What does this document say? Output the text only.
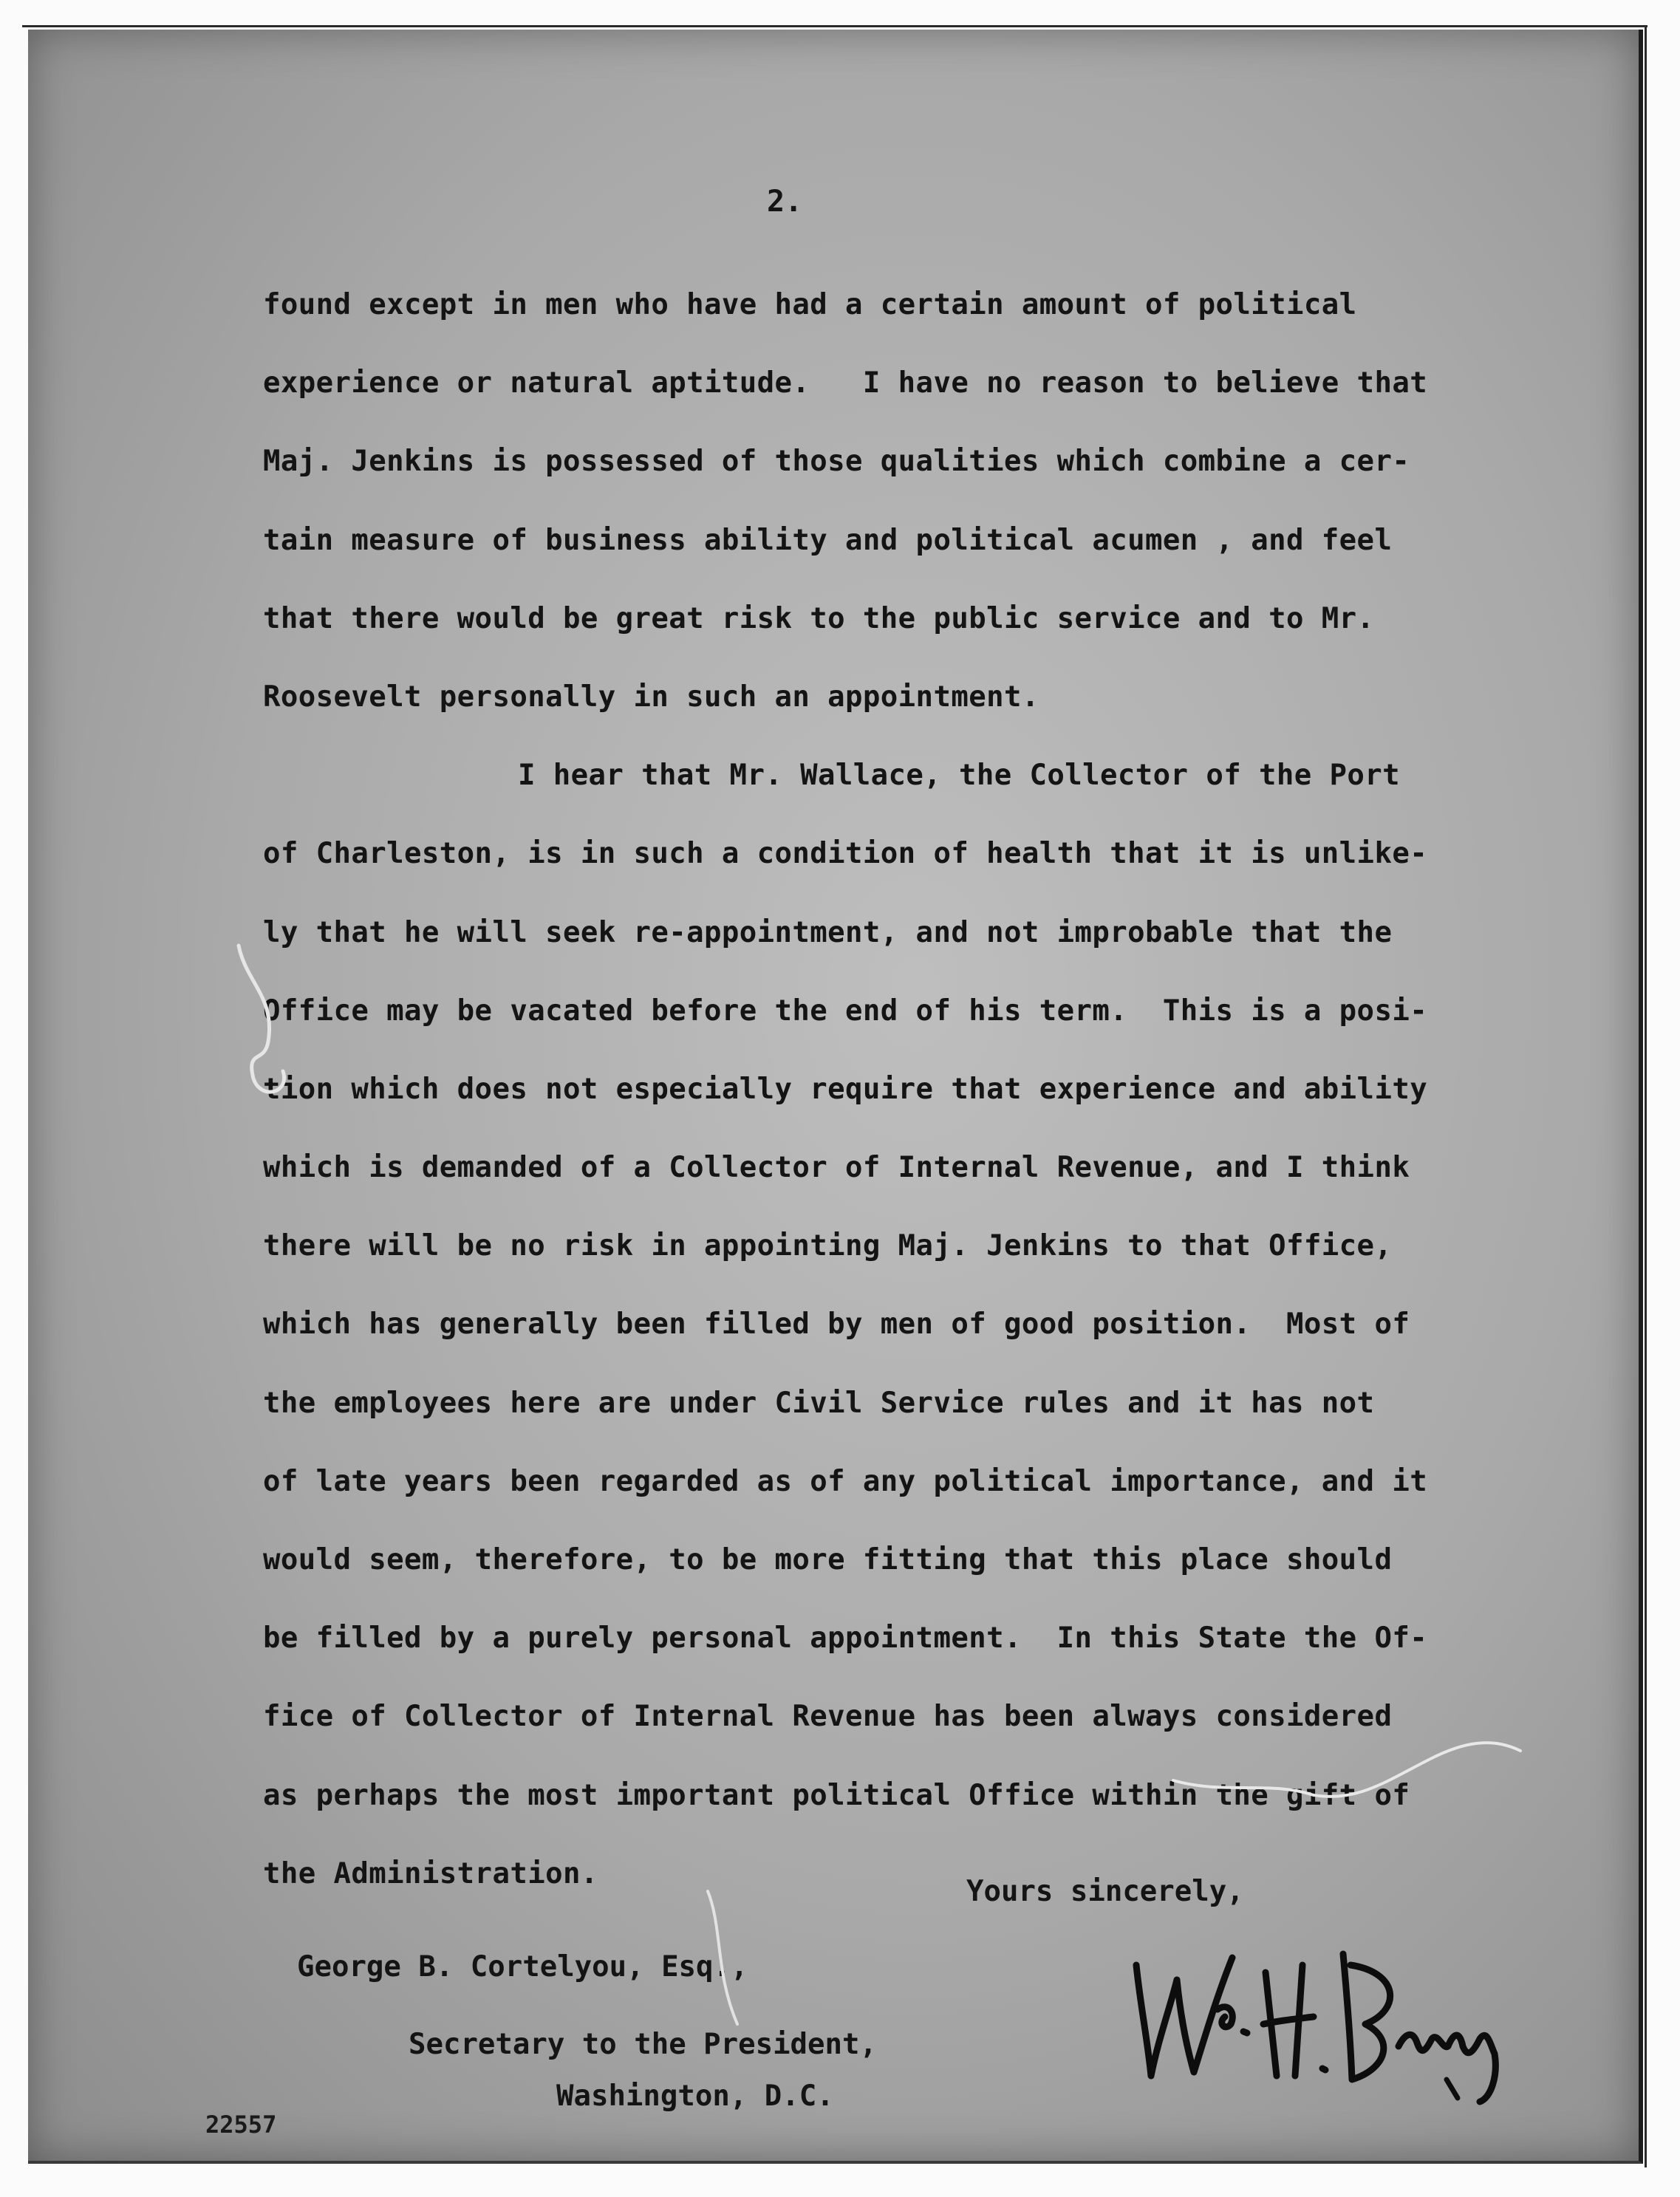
2.
found except in men who have had a certain amount of political
experience or natural aptitude.   I have no reason to believe that
Maj. Jenkins is possessed of those qualities which combine a cer-
tain measure of business ability and political acumen , and feel
that there would be great risk to the public service and to Mr.
Roosevelt personally in such an appointment.
I hear that Mr. Wallace, the Collector of the Port
of Charleston, is in such a condition of health that it is unlike-
ly that he will seek re-appointment, and not improbable that the
Office may be vacated before the end of his term.  This is a posi-
tion which does not especially require that experience and ability
which is demanded of a Collector of Internal Revenue, and I think
there will be no risk in appointing Maj. Jenkins to that Office,
which has generally been filled by men of good position.  Most of
the employees here are under Civil Service rules and it has not
of late years been regarded as of any political importance, and it
would seem, therefore, to be more fitting that this place should
be filled by a purely personal appointment.  In this State the Of-
fice of Collector of Internal Revenue has been always considered
as perhaps the most important political Office within the gift of
the Administration.
Yours sincerely,
George B. Cortelyou, Esq.,
Secretary to the President,
Washington, D.C.
22557
